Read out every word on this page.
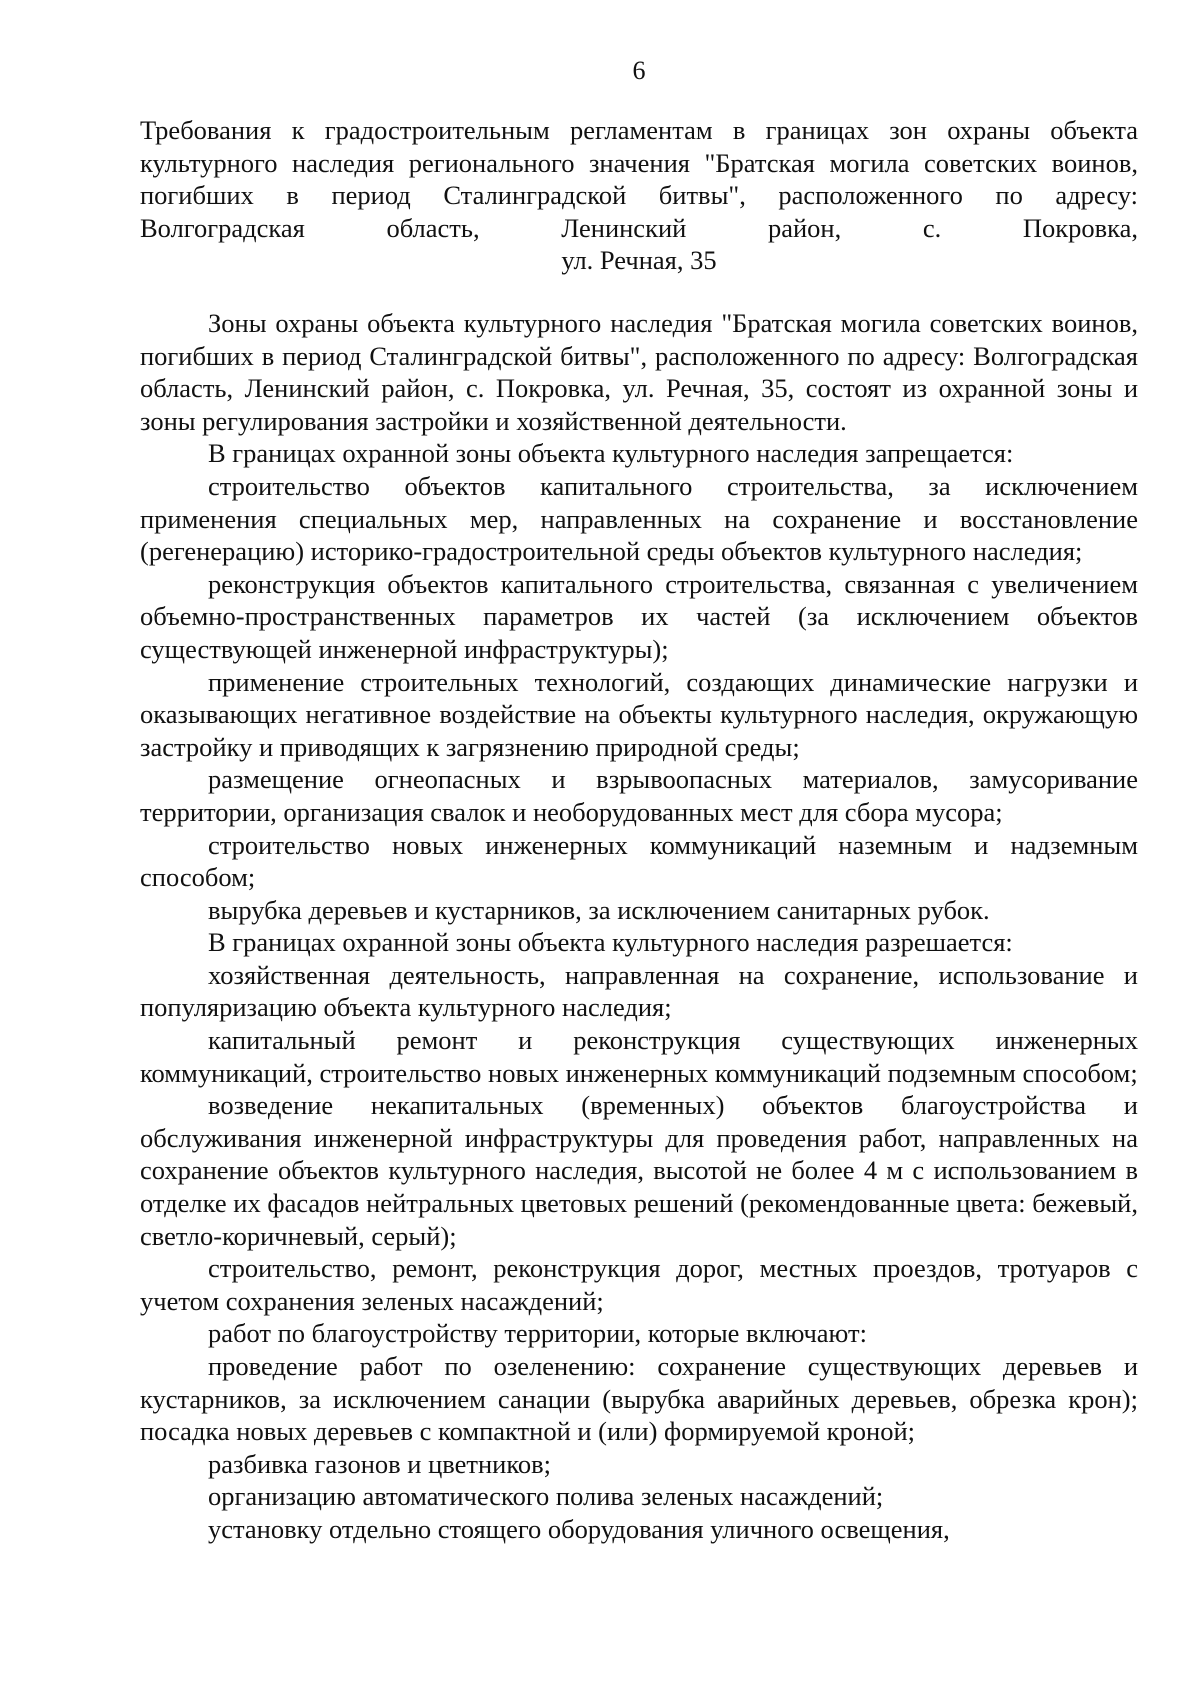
6
Требования к градостроительным регламентам в границах зон охраны объекта
культурного наследия регионального значения "Братская могила советских воинов,
погибших в период Сталинградской битвы", расположенного по адресу:
Волгоградская область, Ленинский район, с. Покровка,
ул. Речная, 35

Зоны охраны объекта культурного наследия "Братская могила советских воинов, погибших в период Сталинградской битвы", расположенного по адресу: Волгоградская область, Ленинский район, с. Покровка, ул. Речная, 35, состоят из охранной зоны и зоны регулирования застройки и хозяйственной деятельности.

В границах охранной зоны объекта культурного наследия запрещается:

строительство объектов капитального строительства, за исключением применения специальных мер, направленных на сохранение и восстановление (регенерацию) историко-градостроительной среды объектов культурного наследия;

реконструкция объектов капитального строительства, связанная с увеличением объемно-пространственных параметров их частей (за исключением объектов существующей инженерной инфраструктуры);

применение строительных технологий, создающих динамические нагрузки и оказывающих негативное воздействие на объекты культурного наследия, окружающую застройку и приводящих к загрязнению природной среды;

размещение огнеопасных и взрывоопасных материалов, замусоривание территории, организация свалок и необорудованных мест для сбора мусора;

строительство новых инженерных коммуникаций наземным и надземным способом;

вырубка деревьев и кустарников, за исключением санитарных рубок.

В границах охранной зоны объекта культурного наследия разрешается:

хозяйственная деятельность, направленная на сохранение, использование и популяризацию объекта культурного наследия;

капитальный ремонт и реконструкция существующих инженерных коммуникаций, строительство новых инженерных коммуникаций подземным способом;

возведение некапитальных (временных) объектов благоустройства и обслуживания инженерной инфраструктуры для проведения работ, направленных на сохранение объектов культурного наследия, высотой не более 4 м с использованием в отделке их фасадов нейтральных цветовых решений (рекомендованные цвета: бежевый, светло-коричневый, серый);

строительство, ремонт, реконструкция дорог, местных проездов, тротуаров с учетом сохранения зеленых насаждений;

работ по благоустройству территории, которые включают:

проведение работ по озеленению: сохранение существующих деревьев и кустарников, за исключением санации (вырубка аварийных деревьев, обрезка крон); посадка новых деревьев с компактной и (или) формируемой кроной;

разбивка газонов и цветников;

организацию автоматического полива зеленых насаждений;

установку отдельно стоящего оборудования уличного освещения,
